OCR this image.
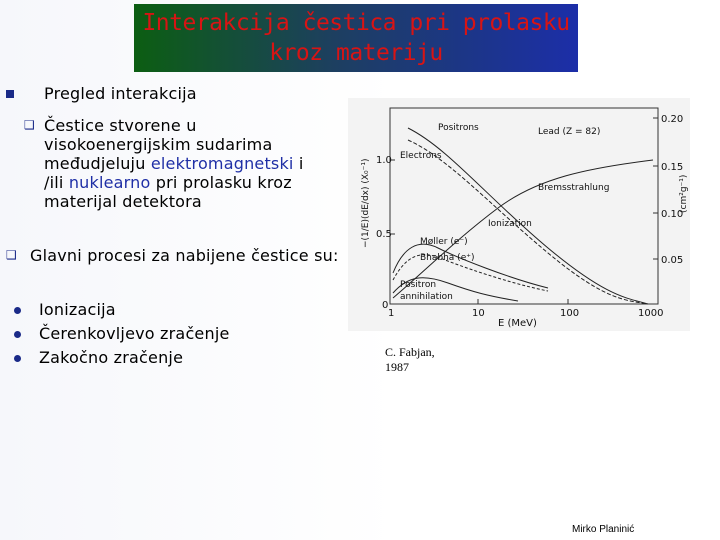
Interakcija čestica pri prolasku
kroz materiju
Pregled interakcija
❑ Čestice stvorene u
visokoenergijskim sudarima
međudjeluju elektromagnetski i
/ili nuklearno pri prolasku kroz
materijal detektora
❑ Glavni procesi za nabijene čestice su:
Ionizacija
Čerenkovljevo zračenje
Zakočno zračenje
Positrons	Lead (Z = 82)
Electrons
Bremsstrahlung
Ionization
Møller (e⁻)
Bhabha (e⁺)
Positron
annihilation
1.0
0.5
0
0.20
0.15
0.10
0.05
1	10	100	1000
E (MeV)
−(1/E)(dE/dx) (X₀⁻¹)	(cm²g⁻¹)
C. Fabjan,
1987
Mirko Planinić
